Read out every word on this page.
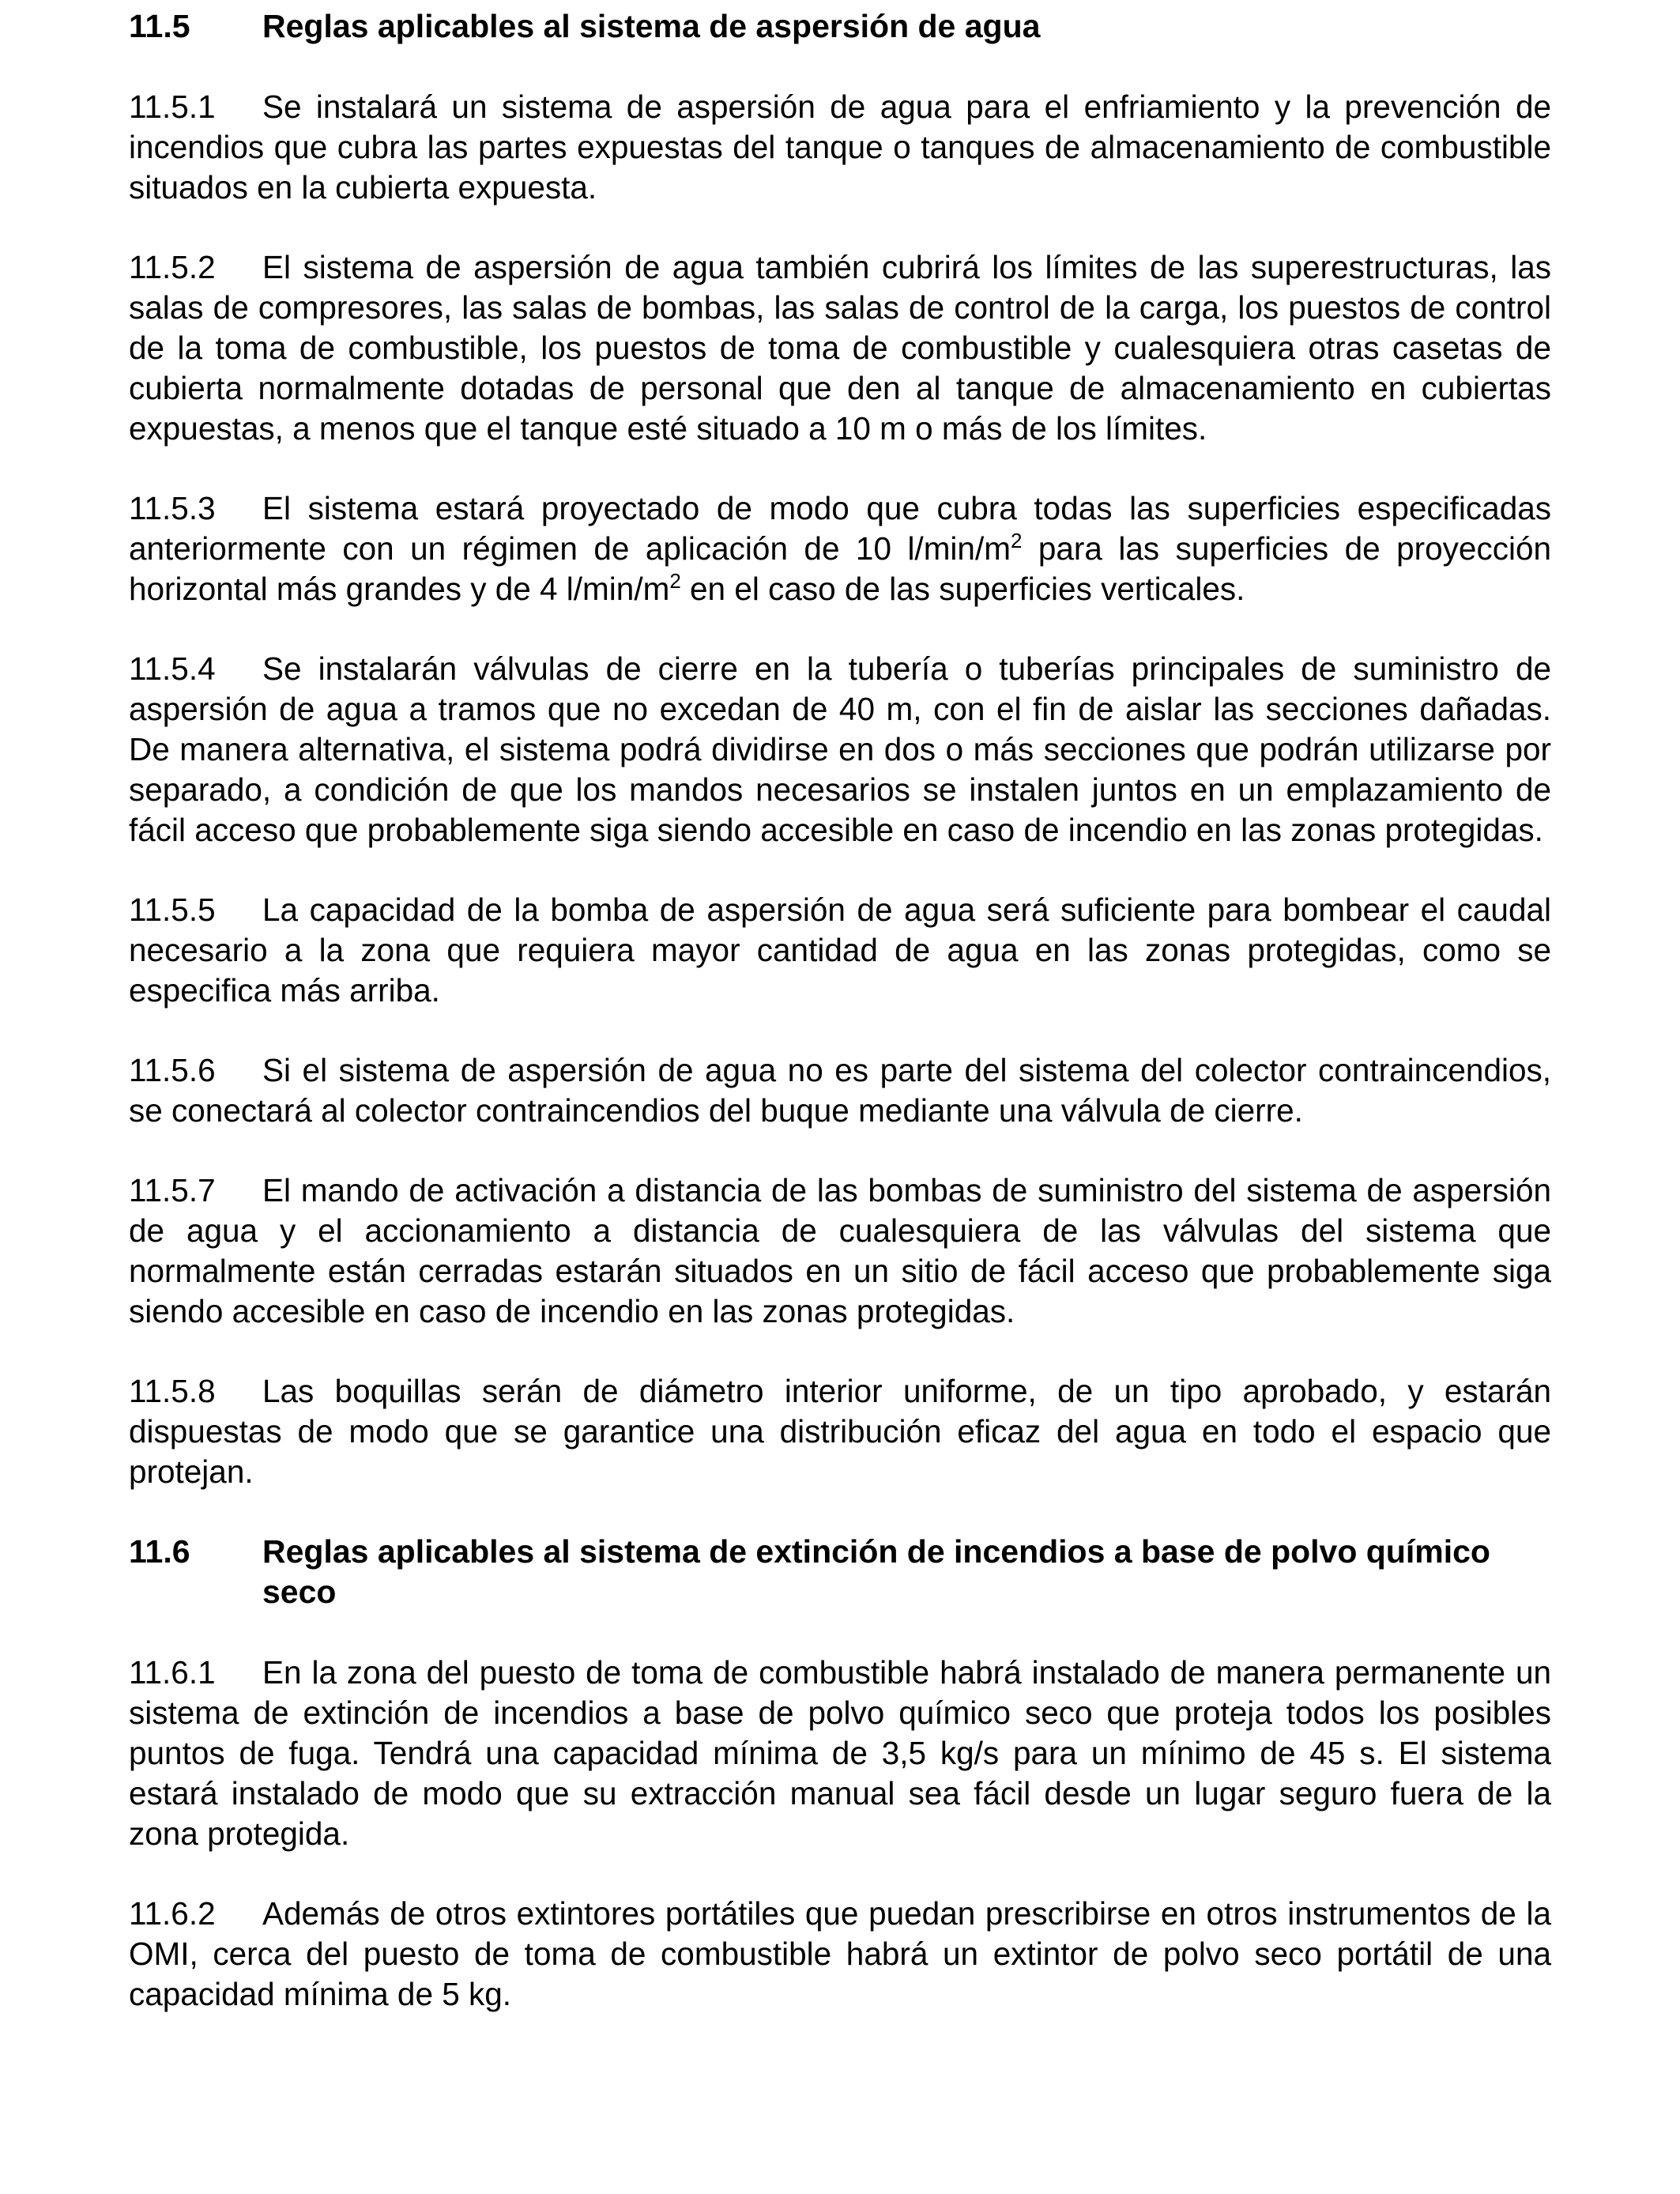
11.5	Reglas aplicables al sistema de aspersión de agua

11.5.1 Se instalará un sistema de aspersión de agua para el enfriamiento y la prevención de incendios que cubra las partes expuestas del tanque o tanques de almacenamiento de combustible situados en la cubierta expuesta.

11.5.2 El sistema de aspersión de agua también cubrirá los límites de las superestructuras, las salas de compresores, las salas de bombas, las salas de control de la carga, los puestos de control de la toma de combustible, los puestos de toma de combustible y cualesquiera otras casetas de cubierta normalmente dotadas de personal que den al tanque de almacenamiento en cubiertas expuestas, a menos que el tanque esté situado a 10 m o más de los límites.

11.5.3 El sistema estará proyectado de modo que cubra todas las superficies especificadas anteriormente con un régimen de aplicación de 10 $l/\min/m^2$ para las superficies de proyección horizontal más grandes y de 4 $l/\min/m^2$ en el caso de las superficies verticales.

11.5.4 Se instalarán válvulas de cierre en la tubería o tuberías principales de suministro de aspersión de agua a tramos que no excedan de 40 m, con el fin de aislar las secciones dañadas. De manera alternativa, el sistema podrá dividirse en dos o más secciones que podrán utilizarse por separado, a condición de que los mandos necesarios se instalen juntos en un emplazamiento de fácil acceso que probablemente siga siendo accesible en caso de incendio en las zonas protegidas.

11.5.5 La capacidad de la bomba de aspersión de agua será suficiente para bombear el caudal necesario a la zona que requiera mayor cantidad de agua en las zonas protegidas, como se especifica más arriba.

11.5.6 Si el sistema de aspersión de agua no es parte del sistema del colector contraincendios, se conectará al colector contraincendios del buque mediante una válvula de cierre.

11.5.7 El mando de activación a distancia de las bombas de suministro del sistema de aspersión de agua y el accionamiento a distancia de cualesquiera de las válvulas del sistema que normalmente están cerradas estarán situados en un sitio de fácil acceso que probablemente siga siendo accesible en caso de incendio en las zonas protegidas.

11.5.8 Las boquillas serán de diámetro interior uniforme, de un tipo aprobado, y estarán dispuestas de modo que se garantice una distribución eficaz del agua en todo el espacio que protejan.

11.6	Reglas aplicables al sistema de extinción de incendios a base de polvo químico seco

11.6.1 En la zona del puesto de toma de combustible habrá instalado de manera permanente un sistema de extinción de incendios a base de polvo químico seco que proteja todos los posibles puntos de fuga. Tendrá una capacidad mínima de 3,5 kg/s para un mínimo de 45 s. El sistema estará instalado de modo que su extracción manual sea fácil desde un lugar seguro fuera de la zona protegida.

11.6.2 Además de otros extintores portátiles que puedan prescribirse en otros instrumentos de la OMI, cerca del puesto de toma de combustible habrá un extintor de polvo seco portátil de una capacidad mínima de 5 kg.
